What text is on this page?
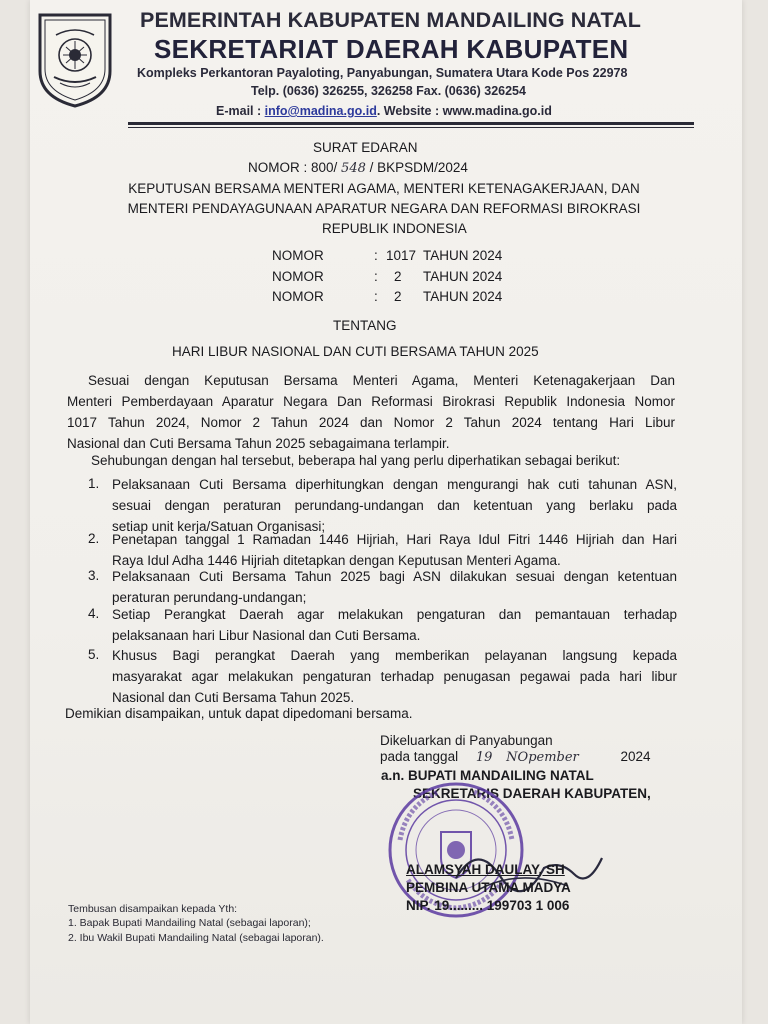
PEMERINTAH KABUPATEN MANDAILING NATAL
SEKRETARIAT DAERAH KABUPATEN
Kompleks Perkantoran Payaloting, Panyabungan, Sumatera Utara Kode Pos 22978
Telp. (0636) 326255, 326258 Fax. (0636) 326254
E-mail : info@madina.go.id. Website : www.madina.go.id
SURAT EDARAN
NOMOR : 800/ 548 / BKPSDM/2024
KEPUTUSAN BERSAMA MENTERI AGAMA, MENTERI KETENAGAKERJAAN, DAN
MENTERI PENDAYAGUNAAN APARATUR NEGARA DAN REFORMASI BIROKRASI
REPUBLIK INDONESIA
NOMOR	: 1017 TAHUN 2024
NOMOR	: 2 TAHUN 2024
NOMOR	: 2 TAHUN 2024
TENTANG
HARI LIBUR NASIONAL DAN CUTI BERSAMA TAHUN 2025
Sesuai dengan Keputusan Bersama Menteri Agama, Menteri Ketenagakerjaan Dan
Menteri Pemberdayaan Aparatur Negara Dan Reformasi Birokrasi Republik Indonesia Nomor
1017 Tahun 2024, Nomor 2 Tahun 2024 dan Nomor 2 Tahun 2024 tentang Hari Libur
Nasional dan Cuti Bersama Tahun 2025 sebagaimana terlampir.
Sehubungan dengan hal tersebut, beberapa hal yang perlu diperhatikan sebagai berikut:
1. Pelaksanaan Cuti Bersama diperhitungkan dengan mengurangi hak cuti tahunan ASN,
sesuai dengan peraturan perundang-undangan dan ketentuan yang berlaku pada
setiap unit kerja/Satuan Organisasi;
2. Penetapan tanggal 1 Ramadan 1446 Hijriah, Hari Raya Idul Fitri 1446 Hijriah dan Hari
Raya Idul Adha 1446 Hijriah ditetapkan dengan Keputusan Menteri Agama.
3. Pelaksanaan Cuti Bersama Tahun 2025 bagi ASN dilakukan sesuai dengan ketentuan
peraturan perundang-undangan;
4. Setiap Perangkat Daerah agar melakukan pengaturan dan pemantauan terhadap
pelaksanaan hari Libur Nasional dan Cuti Bersama.
5. Khusus Bagi perangkat Daerah yang memberikan pelayanan langsung kepada
masyarakat agar melakukan pengaturan terhadap penugasan pegawai pada hari libur
Nasional dan Cuti Bersama Tahun 2025.
Demikian disampaikan, untuk dapat dipedomani bersama.
Dikeluarkan di Panyabungan
pada tanggal 19 NOpember	2024
a.n. BUPATI MANDAILING NATAL
SEKRETARIS DAERAH KABUPATEN,
ALAMSYAH DAULAY, SH
PEMBINA UTAMA MADYA
NIP. 19......... 199703 1 006
Tembusan disampaikan kepada Yth:
1. Bapak Bupati Mandailing Natal (sebagai laporan);
2. Ibu Wakil Bupati Mandailing Natal (sebagai laporan).
